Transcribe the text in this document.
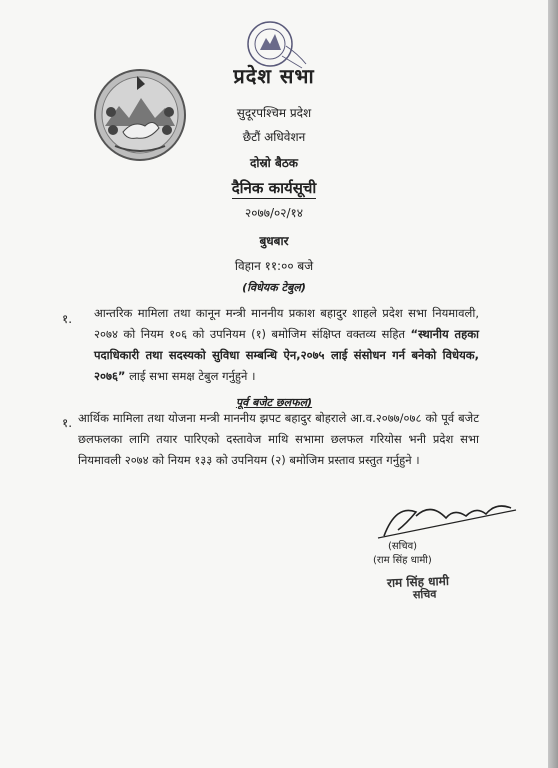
प्रदेश सभा
सुदूरपश्चिम प्रदेश
छैटौं अधिवेशन
दोस्रो बैठक
दैनिक कार्यसूची
२०७७/०२/१४
बुधबार
विहान ११:०० बजे
(विधेयक टेबुल)
१. आन्तरिक मामिला तथा कानून मन्त्री माननीय प्रकाश बहादुर शाहले प्रदेश सभा नियमावली, २०७४ को नियम १०६ को उपनियम (१) बमोजिम संक्षिप्त वक्तव्य सहित “स्थानीय तहका पदाधिकारी तथा सदस्यको सुविधा सम्बन्धि ऐन,२०७५ लाई संसोधन गर्न बनेको विधेयक, २०७६” लाई सभा समक्ष टेबुल गर्नुहुने ।
पूर्व बजेट छलफल)
१. आर्थिक मामिला तथा योजना मन्त्री माननीय झपट बहादुर बोहराले आ.व.२०७७/०७८ को पूर्व बजेट छलफलका लागि तयार पारिएको दस्तावेज माथि सभामा छलफल गरियोस भनी प्रदेश सभा नियमावली २०७४ को नियम १३३ को उपनियम (२) बमोजिम प्रस्ताव प्रस्तुत गर्नुहुने ।
(सचिव)
(राम सिंह धामी)
राम सिंह धामी
सचिव
